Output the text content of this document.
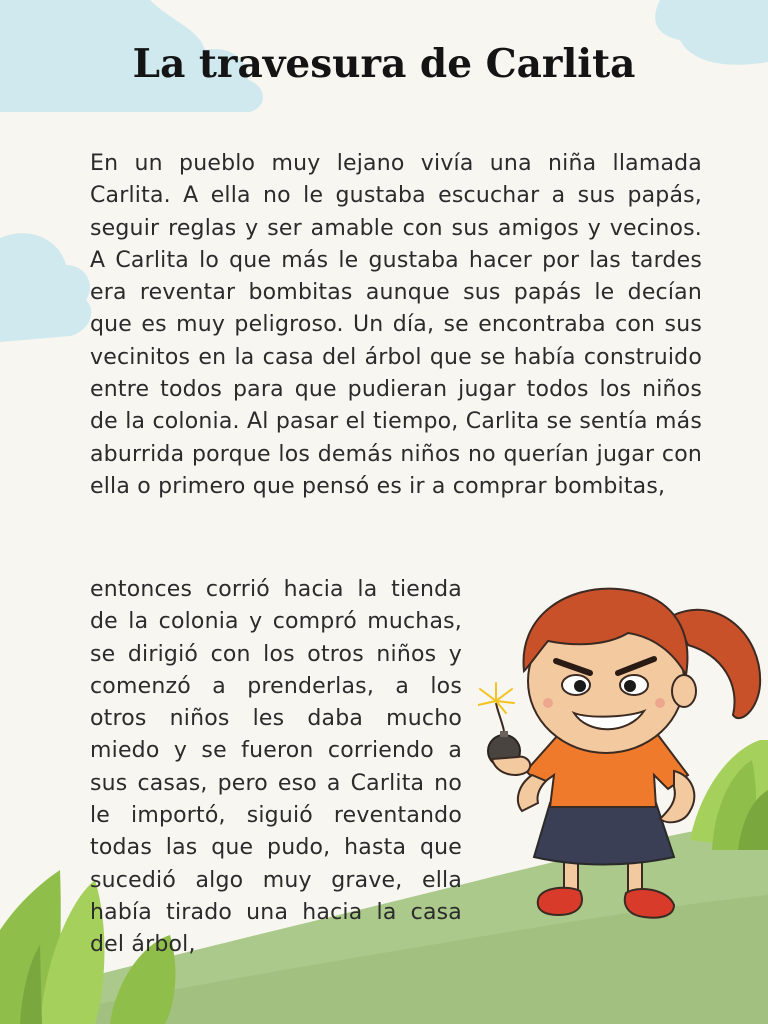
La travesura de Carlita

En un pueblo muy lejano vivía una niña llamada Carlita. A ella no le gustaba escuchar a sus papás, seguir reglas y ser amable con sus amigos y vecinos. A Carlita lo que más le gustaba hacer por las tardes era reventar bombitas aunque sus papás le decían que es muy peligroso. Un día, se encontraba con sus vecinitos en la casa del árbol que se había construido entre todos para que pudieran jugar todos los niños de la colonia. Al pasar el tiempo, Carlita se sentía más aburrida porque los demás niños no querían jugar con ella o primero que pensó es ir a comprar bombitas,

entonces corrió hacia la tienda de la colonia y compró muchas, se dirigió con los otros niños y comenzó a prenderlas, a los otros niños les daba mucho miedo y se fueron corriendo a sus casas, pero eso a Carlita no le importó, siguió reventando todas las que pudo, hasta que sucedió algo muy grave, ella había tirado una hacia la casa del árbol,
